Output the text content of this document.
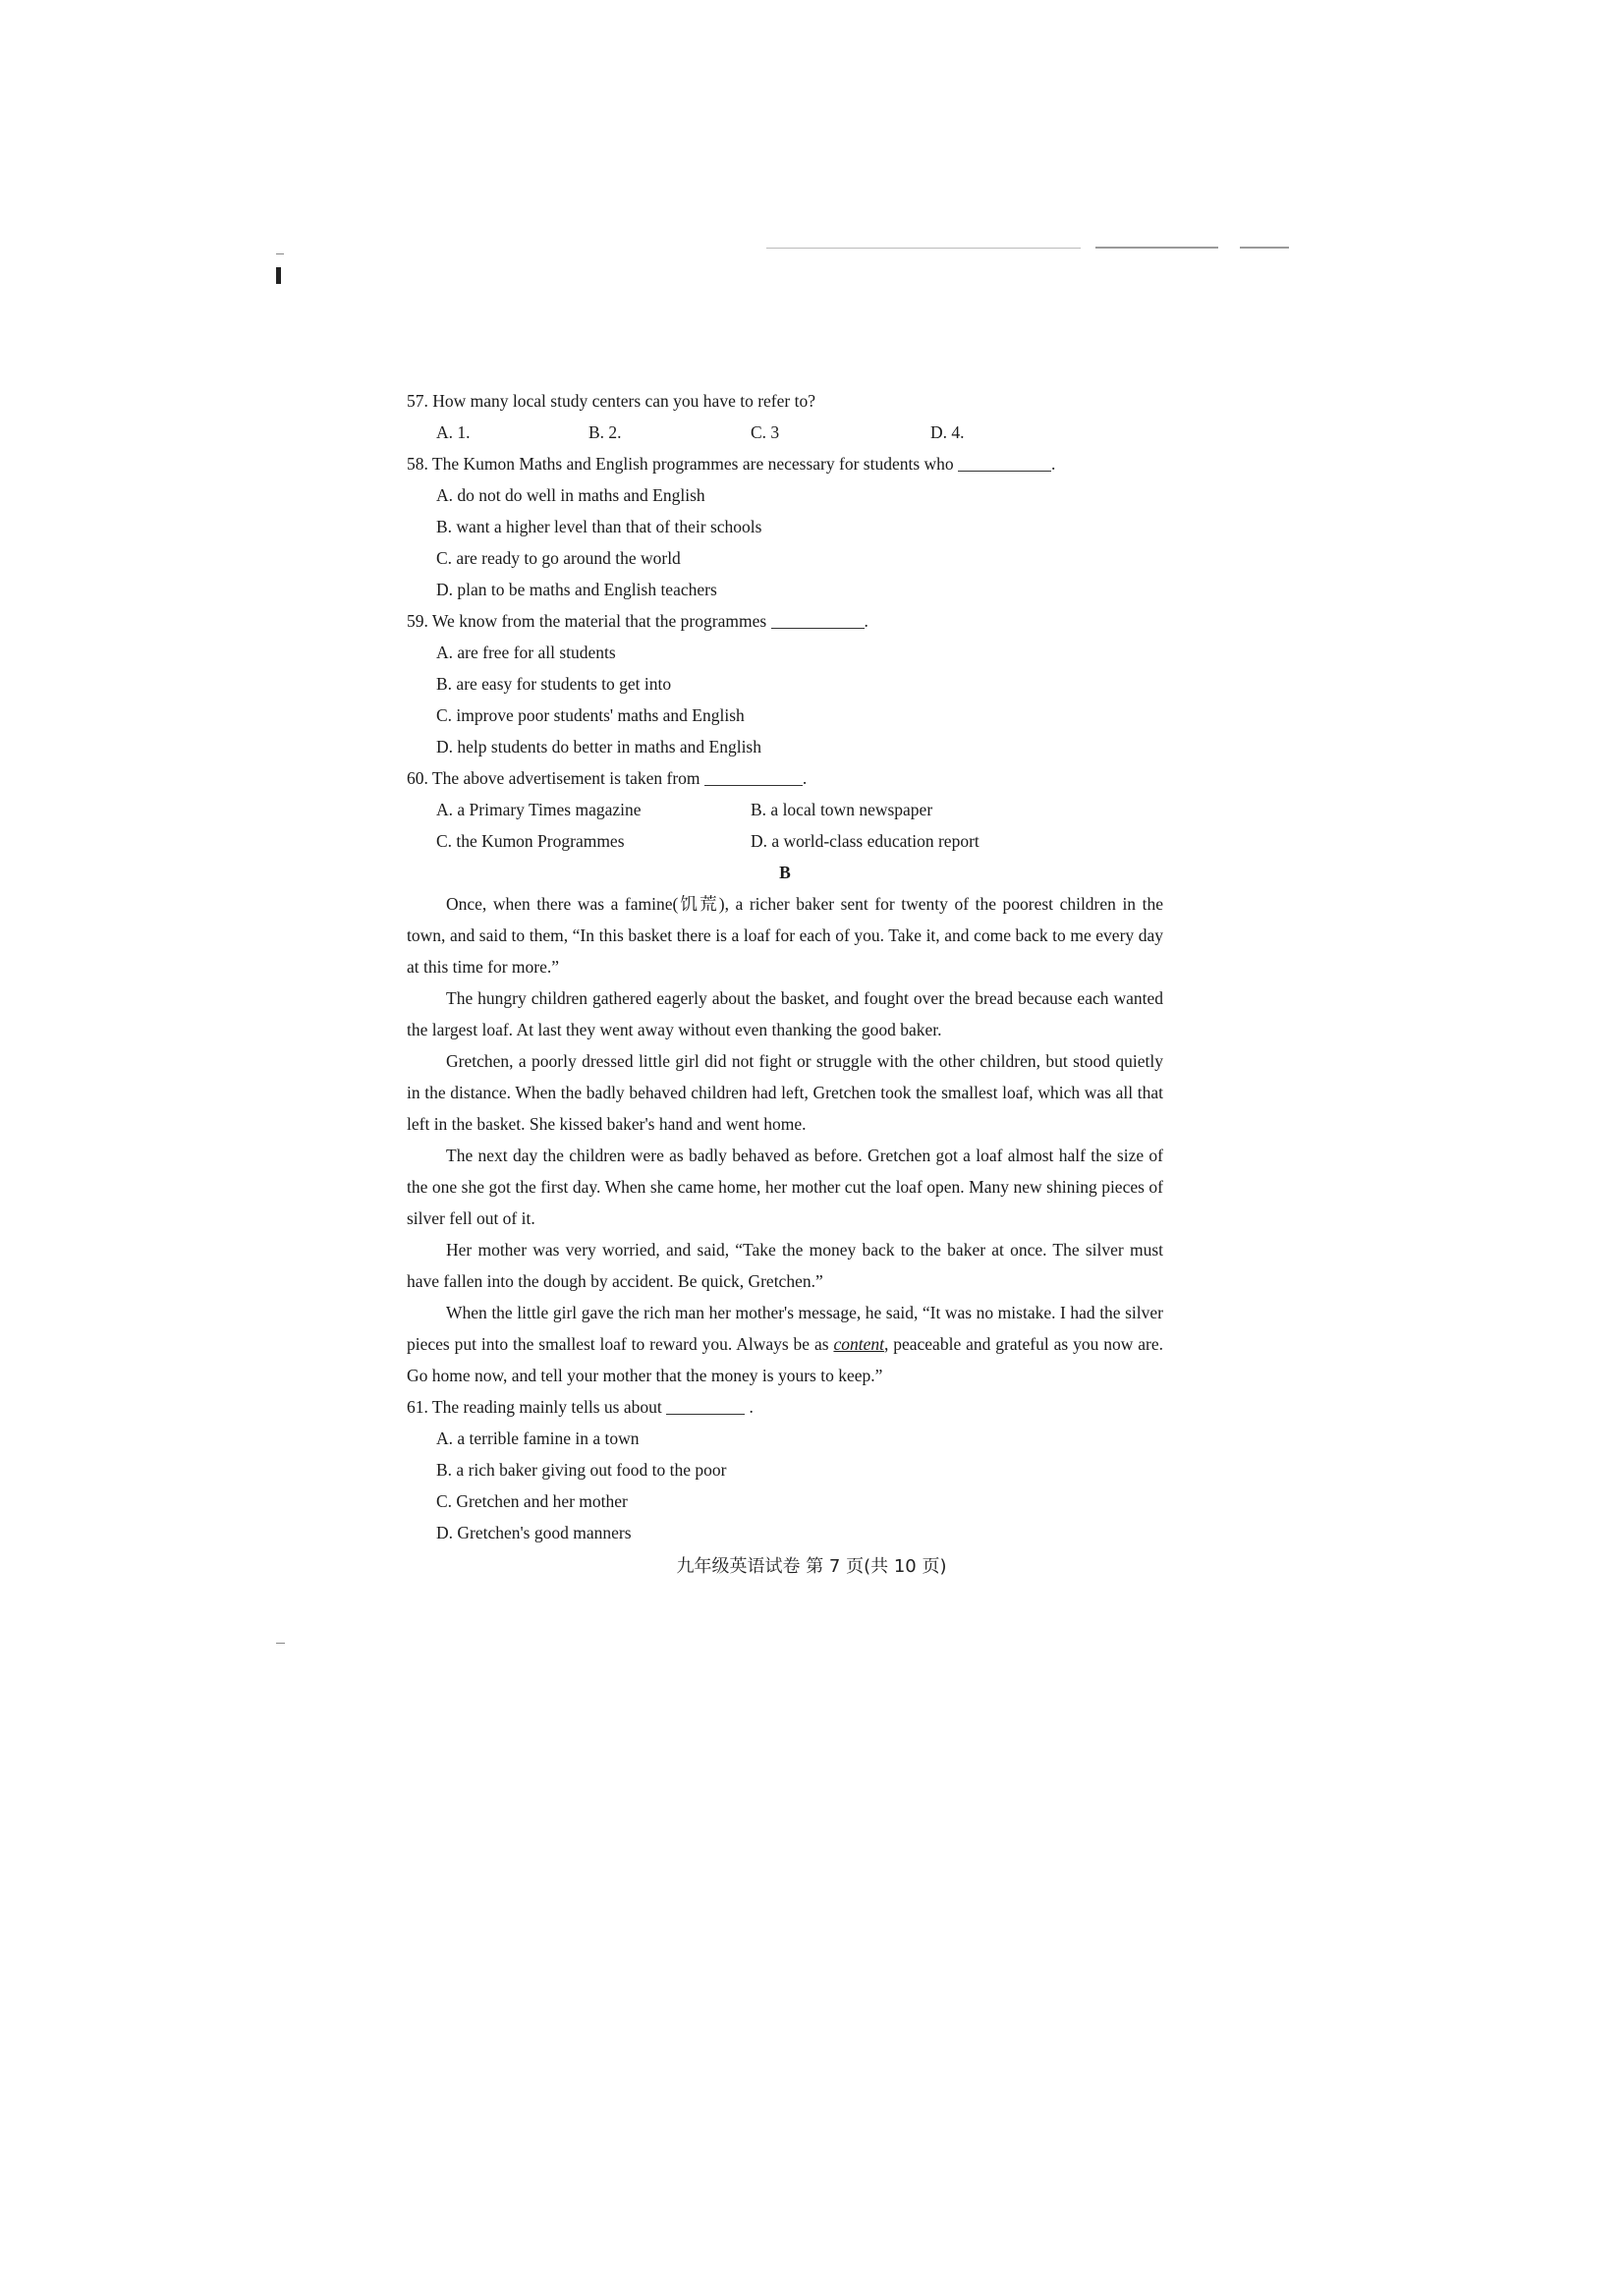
57. How many local study centers can you have to refer to?
A. 1.	B. 2.	C. 3	D. 4.
58. The Kumon Maths and English programmes are necessary for students who	.
A. do not do well in maths and English
B. want a higher level than that of their schools
C. are ready to go around the world
D. plan to be maths and English teachers
59. We know from the material that the programmes	.
A. are free for all students
B. are easy for students to get into
C. improve poor students' maths and English
D. help students do better in maths and English
60. The above advertisement is taken from	.
A. a Primary Times magazine	B. a local town newspaper
C. the Kumon Programmes	D. a world-class education report
B

Once, when there was a famine(饥荒), a richer baker sent for twenty of the poorest children in the town, and said to them, “In this basket there is a loaf for each of you. Take it, and come back to me every day at this time for more.”

The hungry children gathered eagerly about the basket, and fought over the bread because each wanted the largest loaf. At last they went away without even thanking the good baker.

Gretchen, a poorly dressed little girl did not fight or struggle with the other children, but stood quietly in the distance. When the badly behaved children had left, Gretchen took the smallest loaf, which was all that left in the basket. She kissed baker's hand and went home.

The next day the children were as badly behaved as before. Gretchen got a loaf almost half the size of the one she got the first day. When she came home, her mother cut the loaf open. Many new shining pieces of silver fell out of it.

Her mother was very worried, and said, “Take the money back to the baker at once. The silver must have fallen into the dough by accident. Be quick, Gretchen.”

When the little girl gave the rich man her mother's message, he said, “It was no mistake. I had the silver pieces put into the smallest loaf to reward you. Always be as content, peaceable and grateful as you now are. Go home now, and tell your mother that the money is yours to keep.”

61. The reading mainly tells us about	.
A. a terrible famine in a town
B. a rich baker giving out food to the poor
C. Gretchen and her mother
D. Gretchen's good manners
九年级英语试卷 第 7 页(共 10 页)
